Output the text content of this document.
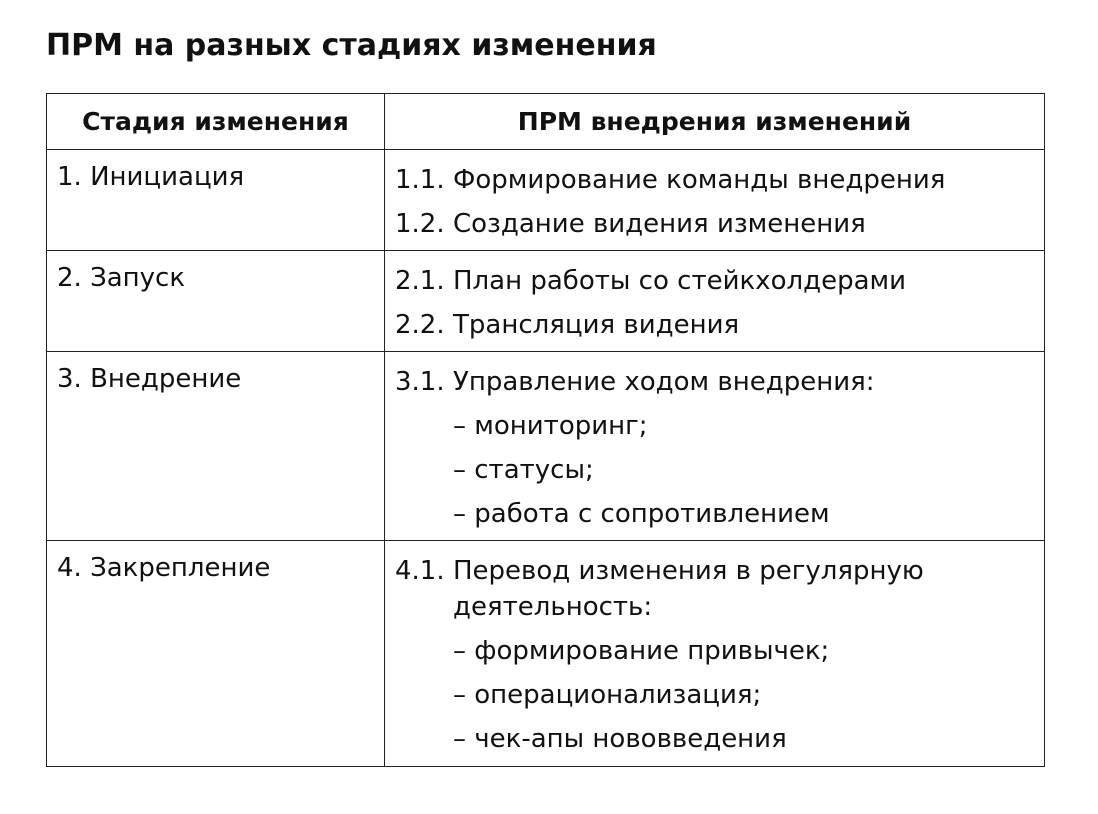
ПРМ на разных стадиях изменения
Стадия изменения	ПРМ внедрения изменений
1. Инициация	1.1. Формирование команды внедрения
1.2. Создание видения изменения

2. Запуск	2.1. План работы со стейкхолдерами
2.2. Трансляция видения

3. Внедрение	3.1. Управление ходом внедрения:
– мониторинг;
– статусы;
– работа с сопротивлением

4. Закрепление	4.1. Перевод изменения в регулярную деятельность:
– формирование привычек;
– операционализация;
– чек-апы нововведения
